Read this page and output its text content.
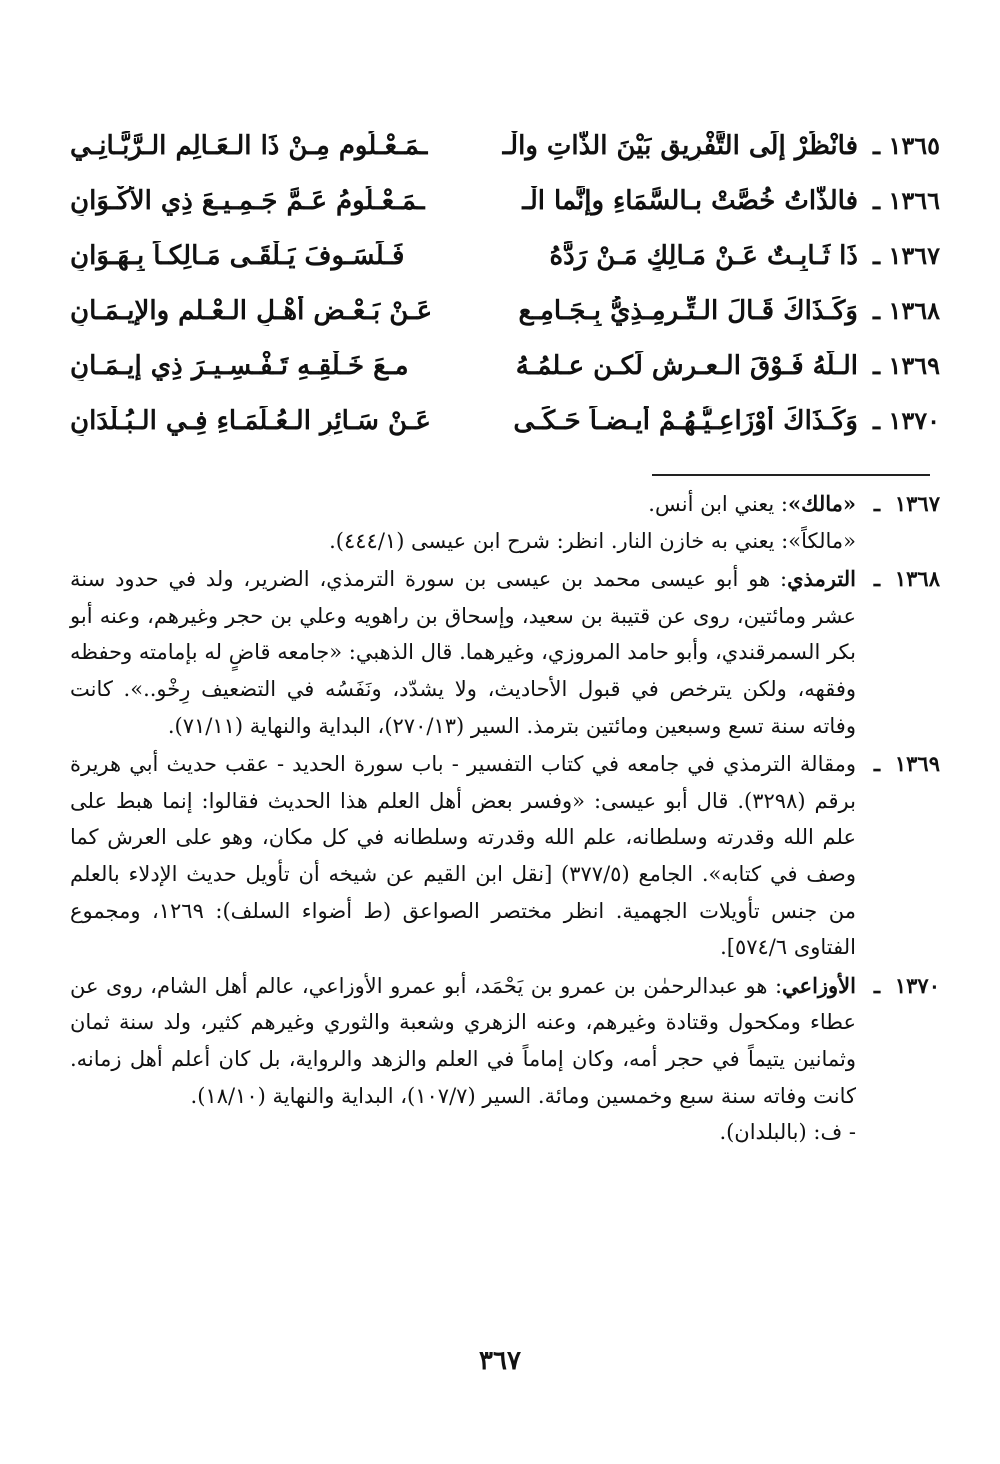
١٣٦٥
ـ
فانْظُرْ إِلَى التَّفْرِيقِ بَيْنَ الذَّاتِ والْـ
ـمَـعْـلُومِ مِـنْ ذَا الـعَـالِمِ الـرَّبَّـانِـي
١٣٦٦
ـ
فالذَّاتُ خُصَّتْ بـالسَّمَاءِ وإِنَّما الْـ
ـمَـعْـلُومُ عَـمَّ جَـمِـيـعَ ذِي الأَكْـوَانِ
١٣٦٧
ـ
ذَا ثَـابِـتٌ عَـنْ مَـالِكٍ مَـنْ رَدَّهُ
فَـلَسَـوفَ يَـلْقَـى مَـالِكـاً بِـهَـوَانِ
١٣٦٨
ـ
وَكَـذَاكَ قَـالَ الـتِّـرمِـذِيُّ بِـجَـامِـعٍ
عَـنْ بَـعْـضِ أَهْـلِ الـعْـلمِ والإِيـمَـانِ
١٣٦٩
ـ
الـلَّهُ فَـوْقَ الـعـرشِ لَكـن عـلمُـهُ
مـعَ خَـلْقِـهِ تَـفْـسِـيـرَ ذِي إِيـمَـانِ
١٣٧٠
ـ
وَكَـذَاكَ أوْزَاعِـيُّـهُـمْ أيـضـاً حَـكَـى
عَـنْ سَـائِرِ الـعُـلَمَـاءِ فِـي الـبُـلْدَانِ
١٣٦٧
ـ

«مالك»: يعني ابن أنس.

«مالكاً»: يعني به خازن النار. انظر: شرح ابن عيسى (٤٤٤/١).

١٣٦٨
ـ

الترمذي: هو أبو عيسى محمد بن عيسى بن سورة الترمذي، الضرير، ولد في حدود سنة عشر ومائتين، روى عن قتيبة بن سعيد، وإسحاق بن راهويه وعلي بن حجر وغيرهم، وعنه أبو بكر السمرقندي، وأبو حامد المروزي، وغيرهما. قال الذهبي: «جامعه قاضٍ له بإمامته وحفظه وفقهه، ولكن يترخص في قبول الأحاديث، ولا يشدّد، ونَفَسُه في التضعيف رِخْو..». كانت وفاته سنة تسع وسبعين ومائتين بترمذ. السير (٢٧٠/١٣)، البداية والنهاية (٧١/١١).

١٣٦٩
ـ

ومقالة الترمذي في جامعه في كتاب التفسير - باب سورة الحديد - عقب حديث أبي هريرة برقم (٣٢٩٨). قال أبو عيسى: «وفسر بعض أهل العلم هذا الحديث فقالوا: إنما هبط على علم الله وقدرته وسلطانه، علم الله وقدرته وسلطانه في كل مكان، وهو على العرش كما وصف في كتابه». الجامع (٣٧٧/٥) [نقل ابن القيم عن شيخه أن تأويل حديث الإدلاء بالعلم من جنس تأويلات الجهمية. انظر مختصر الصواعق (ط أضواء السلف): ١٢٦٩، ومجموع الفتاوى ٥٧٤/٦].

١٣٧٠
ـ

الأوزاعي: هو عبدالرحمٰن بن عمرو بن يَحْمَد، أبو عمرو الأوزاعي، عالم أهل الشام، روى عن عطاء ومكحول وقتادة وغيرهم، وعنه الزهري وشعبة والثوري وغيرهم كثير، ولد سنة ثمان وثمانين يتيماً في حجر أمه، وكان إماماً في العلم والزهد والرواية، بل كان أعلم أهل زمانه. كانت وفاته سنة سبع وخمسين ومائة. السير (١٠٧/٧)، البداية والنهاية (١٨/١٠).

- ف: (بالبلدان).

٣٦٧
